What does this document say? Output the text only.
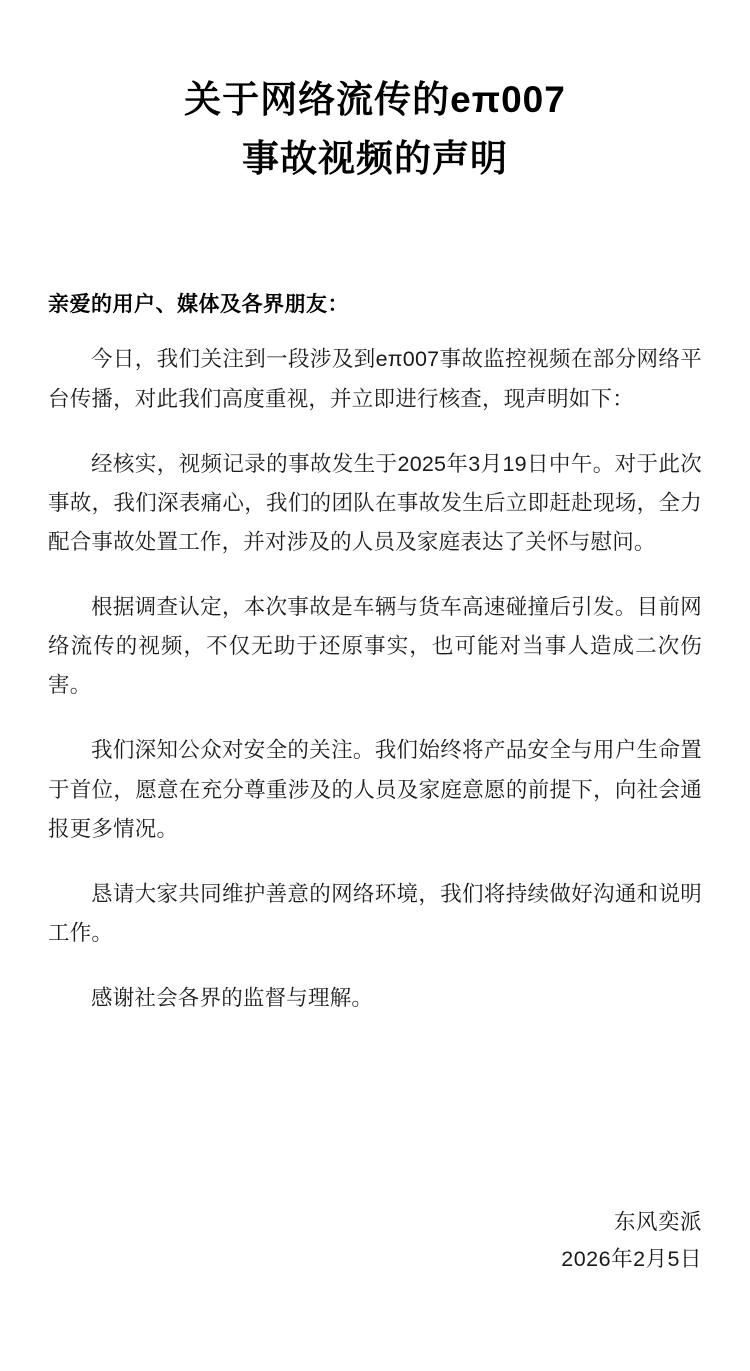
关于网络流传的eπ007
事故视频的声明
亲爱的用户、媒体及各界朋友：

今日，我们关注到一段涉及到eπ007事故监控视频在部分网络平台传播，对此我们高度重视，并立即进行核查，现声明如下：

经核实，视频记录的事故发生于2025年3月19日中午。对于此次事故，我们深表痛心，我们的团队在事故发生后立即赶赴现场，全力配合事故处置工作，并对涉及的人员及家庭表达了关怀与慰问。

根据调查认定，本次事故是车辆与货车高速碰撞后引发。目前网络流传的视频，不仅无助于还原事实，也可能对当事人造成二次伤害。

我们深知公众对安全的关注。我们始终将产品安全与用户生命置于首位，愿意在充分尊重涉及的人员及家庭意愿的前提下，向社会通报更多情况。

恳请大家共同维护善意的网络环境，我们将持续做好沟通和说明工作。

感谢社会各界的监督与理解。

东风奕派
2026年2月5日
